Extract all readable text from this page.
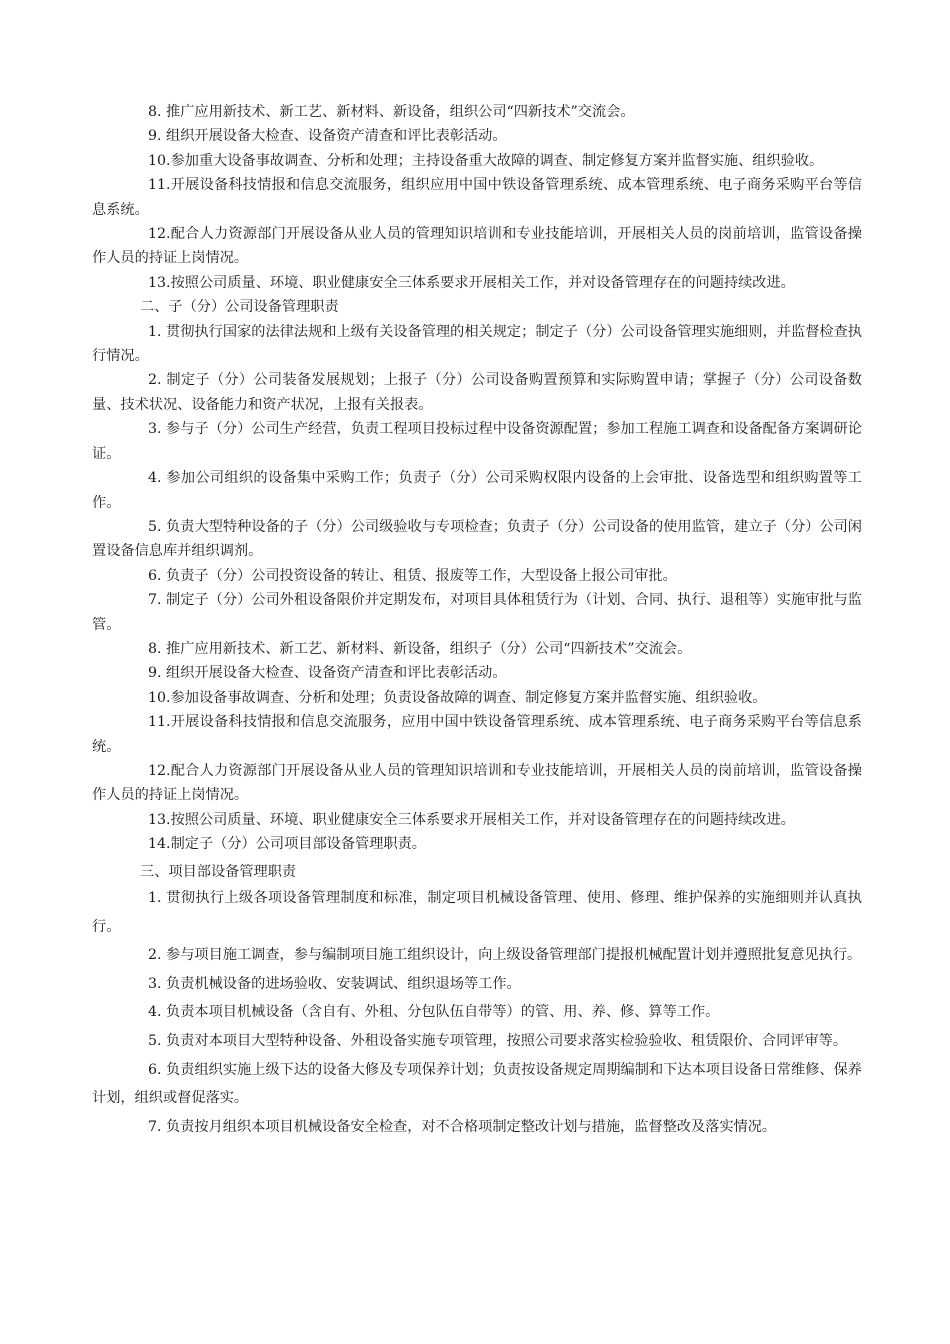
8. 推广应用新技术、新工艺、新材料、新设备，组织公司“四新技术”交流会。

9. 组织开展设备大检查、设备资产清查和评比表彰活动。

10.参加重大设备事故调查、分析和处理；主持设备重大故障的调查、制定修复方案并监督实施、组织验收。

11.开展设备科技情报和信息交流服务，组织应用中国中铁设备管理系统、成本管理系统、电子商务采购平台等信息系统。

12.配合人力资源部门开展设备从业人员的管理知识培训和专业技能培训，开展相关人员的岗前培训，监管设备操作人员的持证上岗情况。

13.按照公司质量、环境、职业健康安全三体系要求开展相关工作，并对设备管理存在的问题持续改进。

二、子（分）公司设备管理职责

1. 贯彻执行国家的法律法规和上级有关设备管理的相关规定；制定子（分）公司设备管理实施细则，并监督检查执行情况。

2. 制定子（分）公司装备发展规划；上报子（分）公司设备购置预算和实际购置申请；掌握子（分）公司设备数量、技术状况、设备能力和资产状况，上报有关报表。

3. 参与子（分）公司生产经营，负责工程项目投标过程中设备资源配置；参加工程施工调查和设备配备方案调研论证。

4. 参加公司组织的设备集中采购工作；负责子（分）公司采购权限内设备的上会审批、设备选型和组织购置等工作。

5. 负责大型特种设备的子（分）公司级验收与专项检查；负责子（分）公司设备的使用监管，建立子（分）公司闲置设备信息库并组织调剂。

6. 负责子（分）公司投资设备的转让、租赁、报废等工作，大型设备上报公司审批。

7. 制定子（分）公司外租设备限价并定期发布，对项目具体租赁行为（计划、合同、执行、退租等）实施审批与监管。

8. 推广应用新技术、新工艺、新材料、新设备，组织子（分）公司“四新技术”交流会。

9. 组织开展设备大检查、设备资产清查和评比表彰活动。

10.参加设备事故调查、分析和处理；负责设备故障的调查、制定修复方案并监督实施、组织验收。

11.开展设备科技情报和信息交流服务，应用中国中铁设备管理系统、成本管理系统、电子商务采购平台等信息系统。

12.配合人力资源部门开展设备从业人员的管理知识培训和专业技能培训，开展相关人员的岗前培训，监管设备操作人员的持证上岗情况。

13.按照公司质量、环境、职业健康安全三体系要求开展相关工作，并对设备管理存在的问题持续改进。

14.制定子（分）公司项目部设备管理职责。

三、项目部设备管理职责

1. 贯彻执行上级各项设备管理制度和标准，制定项目机械设备管理、使用、修理、维护保养的实施细则并认真执行。

2. 参与项目施工调查，参与编制项目施工组织设计，向上级设备管理部门提报机械配置计划并遵照批复意见执行。

3. 负责机械设备的进场验收、安装调试、组织退场等工作。

4. 负责本项目机械设备（含自有、外租、分包队伍自带等）的管、用、养、修、算等工作。

5. 负责对本项目大型特种设备、外租设备实施专项管理，按照公司要求落实检验验收、租赁限价、合同评审等。

6. 负责组织实施上级下达的设备大修及专项保养计划；负责按设备规定周期编制和下达本项目设备日常维修、保养计划，组织或督促落实。

7. 负责按月组织本项目机械设备安全检查，对不合格项制定整改计划与措施，监督整改及落实情况。
